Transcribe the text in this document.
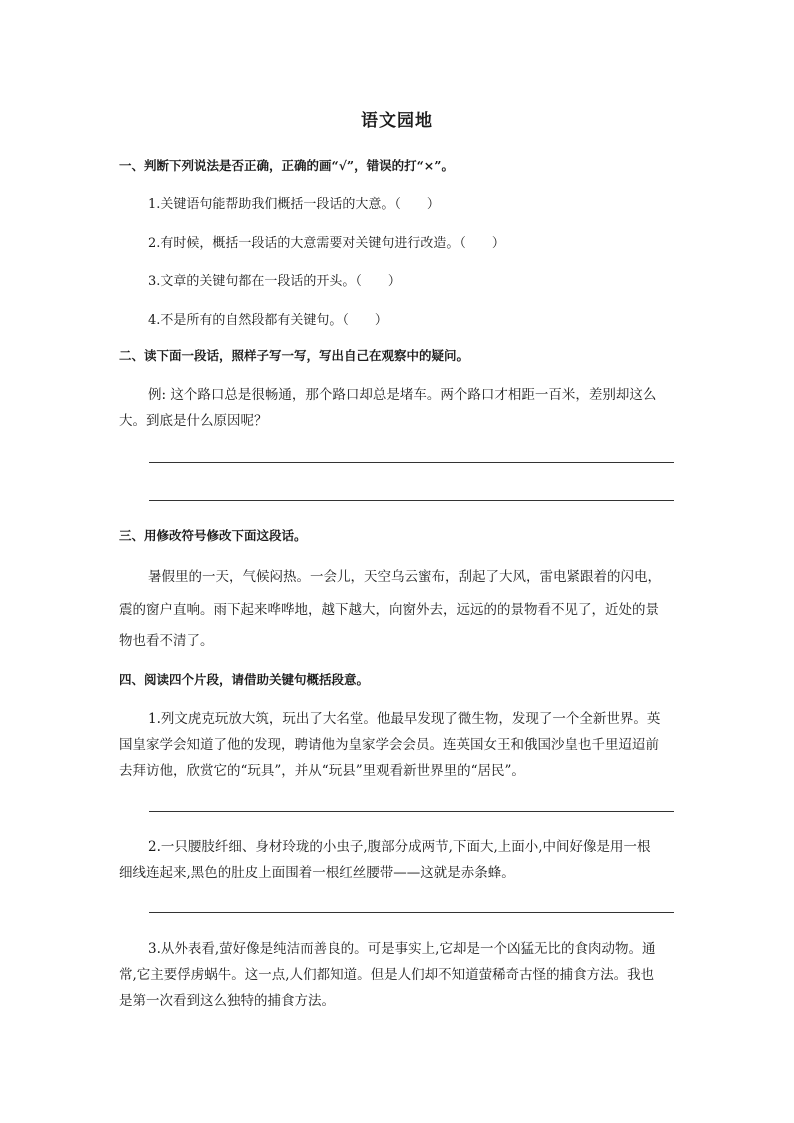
语文园地
一、判断下列说法是否正确，正确的画“√”，错误的打“×”。
1.关键语句能帮助我们概括一段话的大意。（　　）
2.有时候，概括一段话的大意需要对关键句进行改造。（　　）
3.文章的关键句都在一段话的开头。（　　）
4.不是所有的自然段都有关键句。（　　）
二、读下面一段话，照样子写一写，写出自己在观察中的疑问。
例: 这个路口总是很畅通，那个路口却总是堵车。两个路口才相距一百米，差别却这么
大。到底是什么原因呢？
三、用修改符号修改下面这段话。
暑假里的一天，气候闷热。一会儿，天空乌云蜜布，刮起了大风，雷电紧跟着的闪电，
震的窗户直响。雨下起来哗哗地，越下越大，向窗外去，远远的的景物看不见了，近处的景
物也看不清了。
四、阅读四个片段，请借助关键句概括段意。
1.列文虎克玩放大筑，玩出了大名堂。他最早发现了微生物，发现了一个全新世界。英
国皇家学会知道了他的发现，聘请他为皇家学会会员。连英国女王和俄国沙皇也千里迢迢前
去拜访他，欣赏它的“玩具”，并从“玩县”里观看新世界里的“居民”。
2.一只腰肢纤细、身材玲珑的小虫子,腹部分成两节,下面大,上面小,中间好像是用一根
细线连起来,黑色的肚皮上面围着一根红丝腰带——这就是赤条蜂。
3.从外表看,萤好像是纯洁而善良的。可是事实上,它却是一个凶猛无比的食肉动物。通
常,它主要俘虏蜗牛。这一点,人们都知道。但是人们却不知道萤稀奇古怪的捕食方法。我也
是第一次看到这么独特的捕食方法。
